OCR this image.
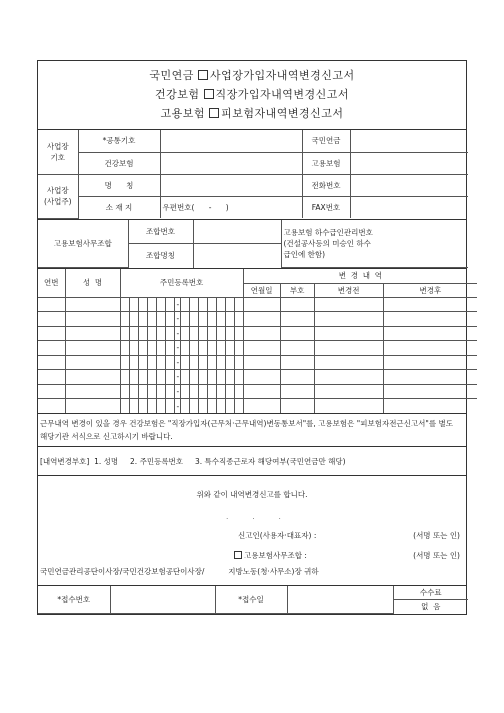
국민연금 사업장가입자내역변경신고서
건강보험 직장가입자내역변경신고서
고용보험 피보험자내역변경신고서
사업장
기호	*공통기호		국민연금	
	건강보험		고용보험	
사업장
(사업주)	명      칭		전화번호	
	소 재 지	우편번호(      -      )	FAX번호	
고용보험사무조합	조합번호		고용보험 하수급인관리번호
(건설공사등의 미승인 하수
급인에 한함)
	조합명칭		
연번	성  명	주민등록번호														변  경  내  역			
																연월일	부호	변경전	변경후
								-											
								-											
								-											
								-											
								-											
								-											
								-											
								-											
근무내역 변경이 있을 경우 건강보험은 "직장가입자(근무처·근무내역)변동통보서"를, 고용보험은 "피보험자전근신고서"를 별도 해당기관 서식으로 신고하시기 바랍니다.
[내역변경부호]  1. 성명     2. 주민등록번호     3. 특수직종근로자 해당여부(국민연금만 해당)
위와 같이 내역변경신고를 합니다.
.          .          .
신고인(사용자·대표자) :	(서명 또는 인)
고용보험사무조합 :	(서명 또는 인)
국민연금관리공단이사장/국민건강보험공단이사장/          지방노동(청·사무소)장 귀하
*접수번호		*접수일		수수료
없  음
